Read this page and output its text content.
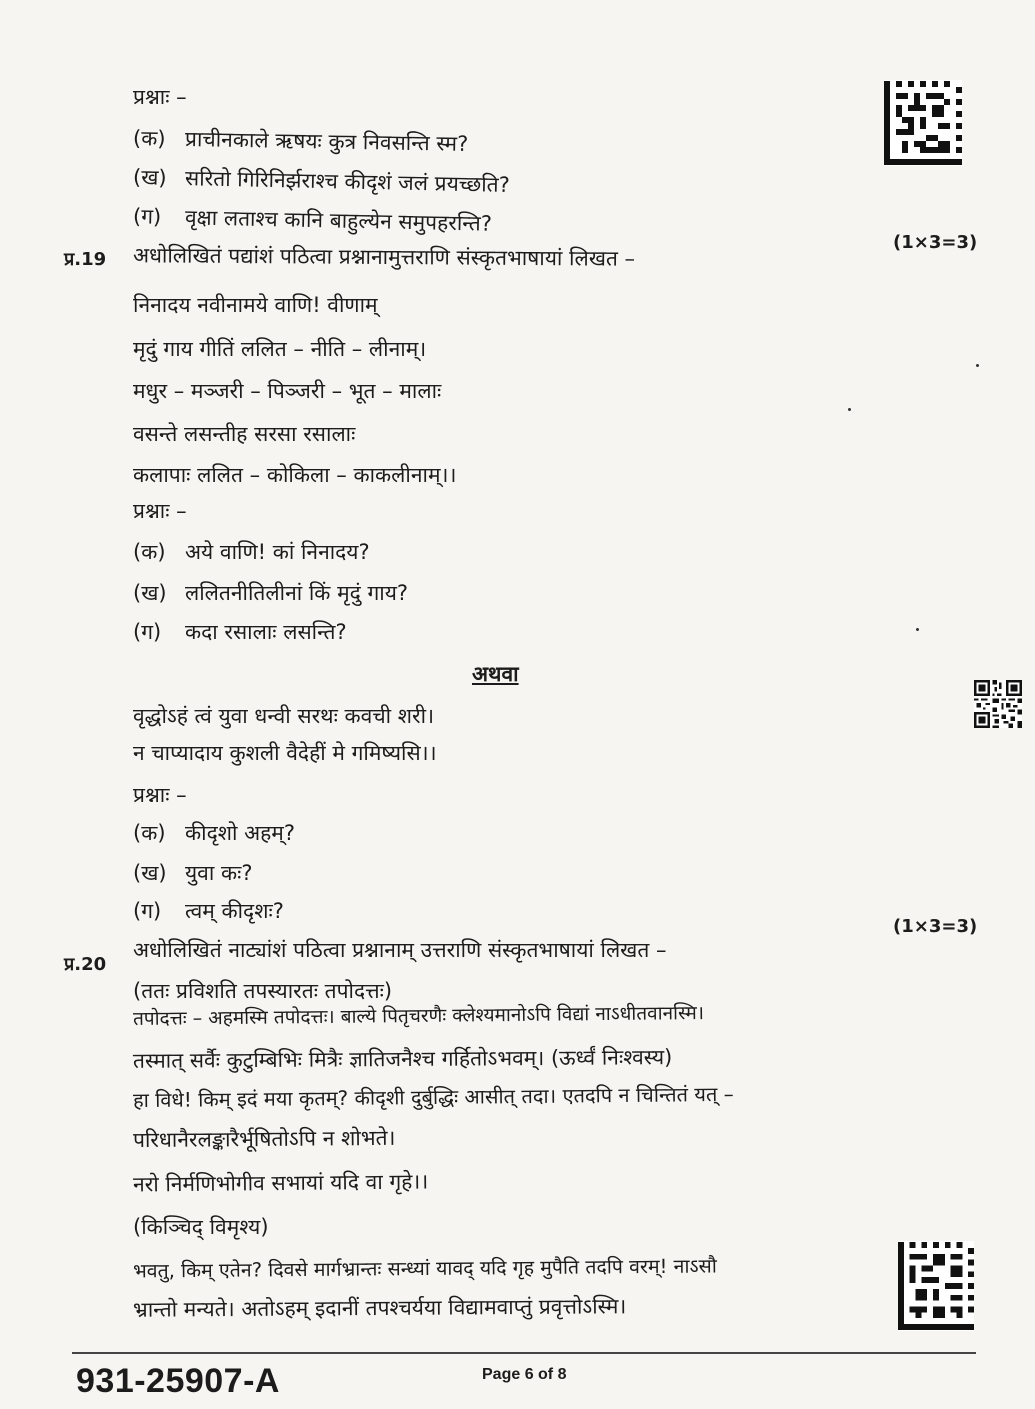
प्रश्नाः –
(क) प्राचीनकाले ऋषयः कुत्र निवसन्ति स्म?
(ख) सरितो गिरिनिर्झराश्च कीदृशं जलं प्रयच्छति?
(ग) वृक्षा लताश्च कानि बाहुल्येन समुपहरन्ति?
प्र.19 अधोलिखितं पद्यांशं पठित्वा प्रश्नानामुत्तराणि संस्कृतभाषायां लिखत –
(1×3=3)
निनादय नवीनामये वाणि! वीणाम्
मृदुं गाय गीतिं ललित – नीति – लीनाम्।
मधुर – मञ्जरी – पिञ्जरी – भूत – मालाः
वसन्ते लसन्तीह सरसा रसालाः
कलापाः ललित – कोकिला – काकलीनाम्।।
प्रश्नाः –
(क) अये वाणि! कां निनादय?
(ख) ललितनीतिलीनां किं मृदुं गाय?
(ग) कदा रसालाः लसन्ति?
अथवा
वृद्धोऽहं त्वं युवा धन्वी सरथः कवची शरी।
न चाप्यादाय कुशली वैदेहीं मे गमिष्यसि।।
प्रश्नाः –
(क) कीदृशो अहम्?
(ख) युवा कः?
(ग) त्वम् कीदृशः?
प्र.20
अधोलिखितं नाट्यांशं पठित्वा प्रश्नानाम् उत्तराणि संस्कृतभाषायां लिखत –
(1×3=3)
(ततः प्रविशति तपस्यारतः तपोदत्तः)
तपोदत्तः – अहमस्मि तपोदत्तः। बाल्ये पितृचरणैः क्लेश्यमानोऽपि विद्यां नाऽधीतवानस्मि।
तस्मात् सर्वैः कुटुम्बिभिः मित्रैः ज्ञातिजनैश्च गर्हितोऽभवम्। (ऊर्ध्वं निःश्वस्य)
हा विधे! किम् इदं मया कृतम्? कीदृशी दुर्बुद्धिः आसीत् तदा। एतदपि न चिन्तितं यत् –
परिधानैरलङ्कारैर्भूषितोऽपि न शोभते।
नरो निर्मणिभोगीव सभायां यदि वा गृहे।।
(किञ्चिद् विमृश्य)
भवतु, किम् एतेन? दिवसे मार्गभ्रान्तः सन्ध्यां यावद् यदि गृह मुपैति तदपि वरम्! नाऽसौ
भ्रान्तो मन्यते। अतोऽहम् इदानीं तपश्चर्यया विद्यामवाप्तुं प्रवृत्तोऽस्मि।
931-25907-A	Page 6 of 8
